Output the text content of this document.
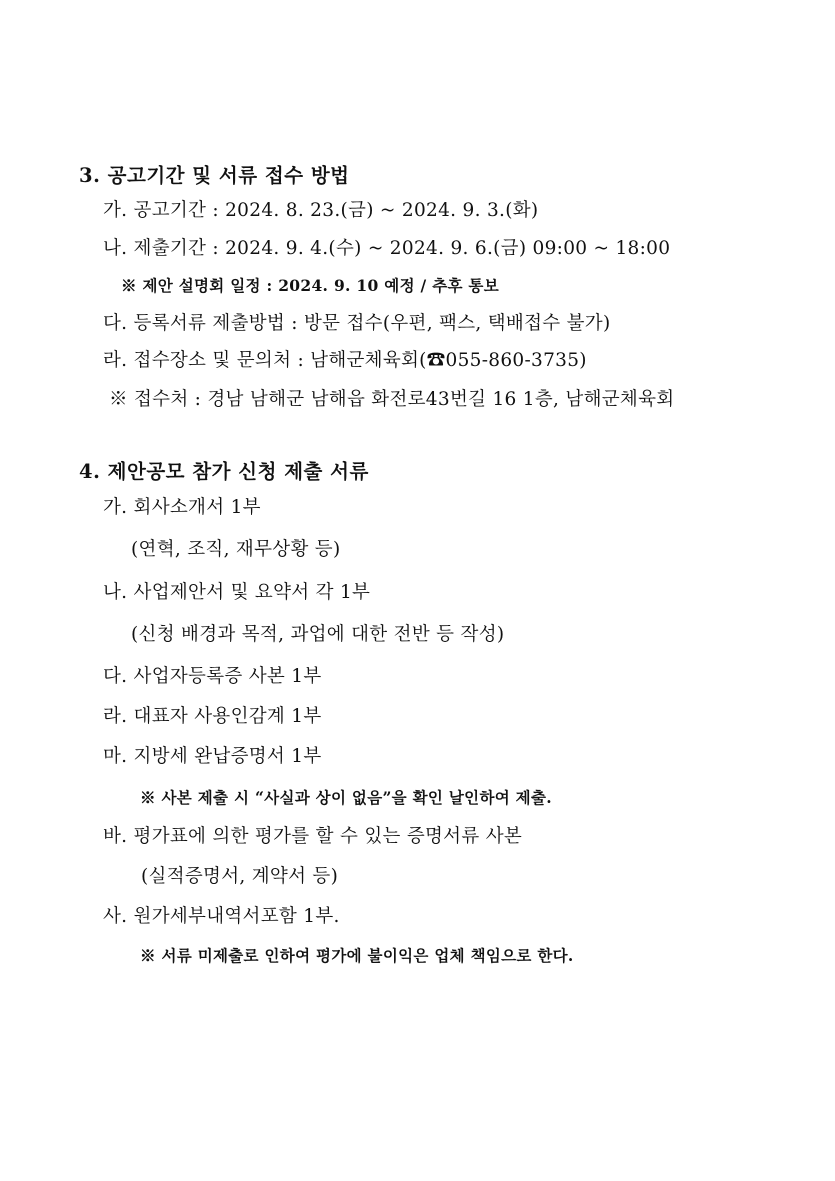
3. 공고기간 및 서류 접수 방법
가. 공고기간 : 2024. 8. 23.(금) ~ 2024. 9. 3.(화)
나. 제출기간 : 2024. 9. 4.(수) ~ 2024. 9. 6.(금) 09:00 ~ 18:00
※ 제안 설명회 일정 : 2024. 9. 10 예정 / 추후 통보
다. 등록서류 제출방법 : 방문 접수(우편, 팩스, 택배접수 불가)
라. 접수장소 및 문의처 : 남해군체육회(☎055-860-3735)
※ 접수처 : 경남 남해군 남해읍 화전로43번길 16 1층, 남해군체육회
4. 제안공모 참가 신청 제출 서류
가. 회사소개서 1부
(연혁, 조직, 재무상황 등)
나. 사업제안서 및 요약서 각 1부
(신청 배경과 목적, 과업에 대한 전반 등 작성)
다. 사업자등록증 사본 1부
라. 대표자 사용인감계 1부
마. 지방세 완납증명서 1부
※ 사본 제출 시 “사실과 상이 없음”을 확인 날인하여 제출.
바. 평가표에 의한 평가를 할 수 있는 증명서류 사본
(실적증명서, 계약서 등)
사. 원가세부내역서포함 1부.
※ 서류 미제출로 인하여 평가에 불이익은 업체 책임으로 한다.
